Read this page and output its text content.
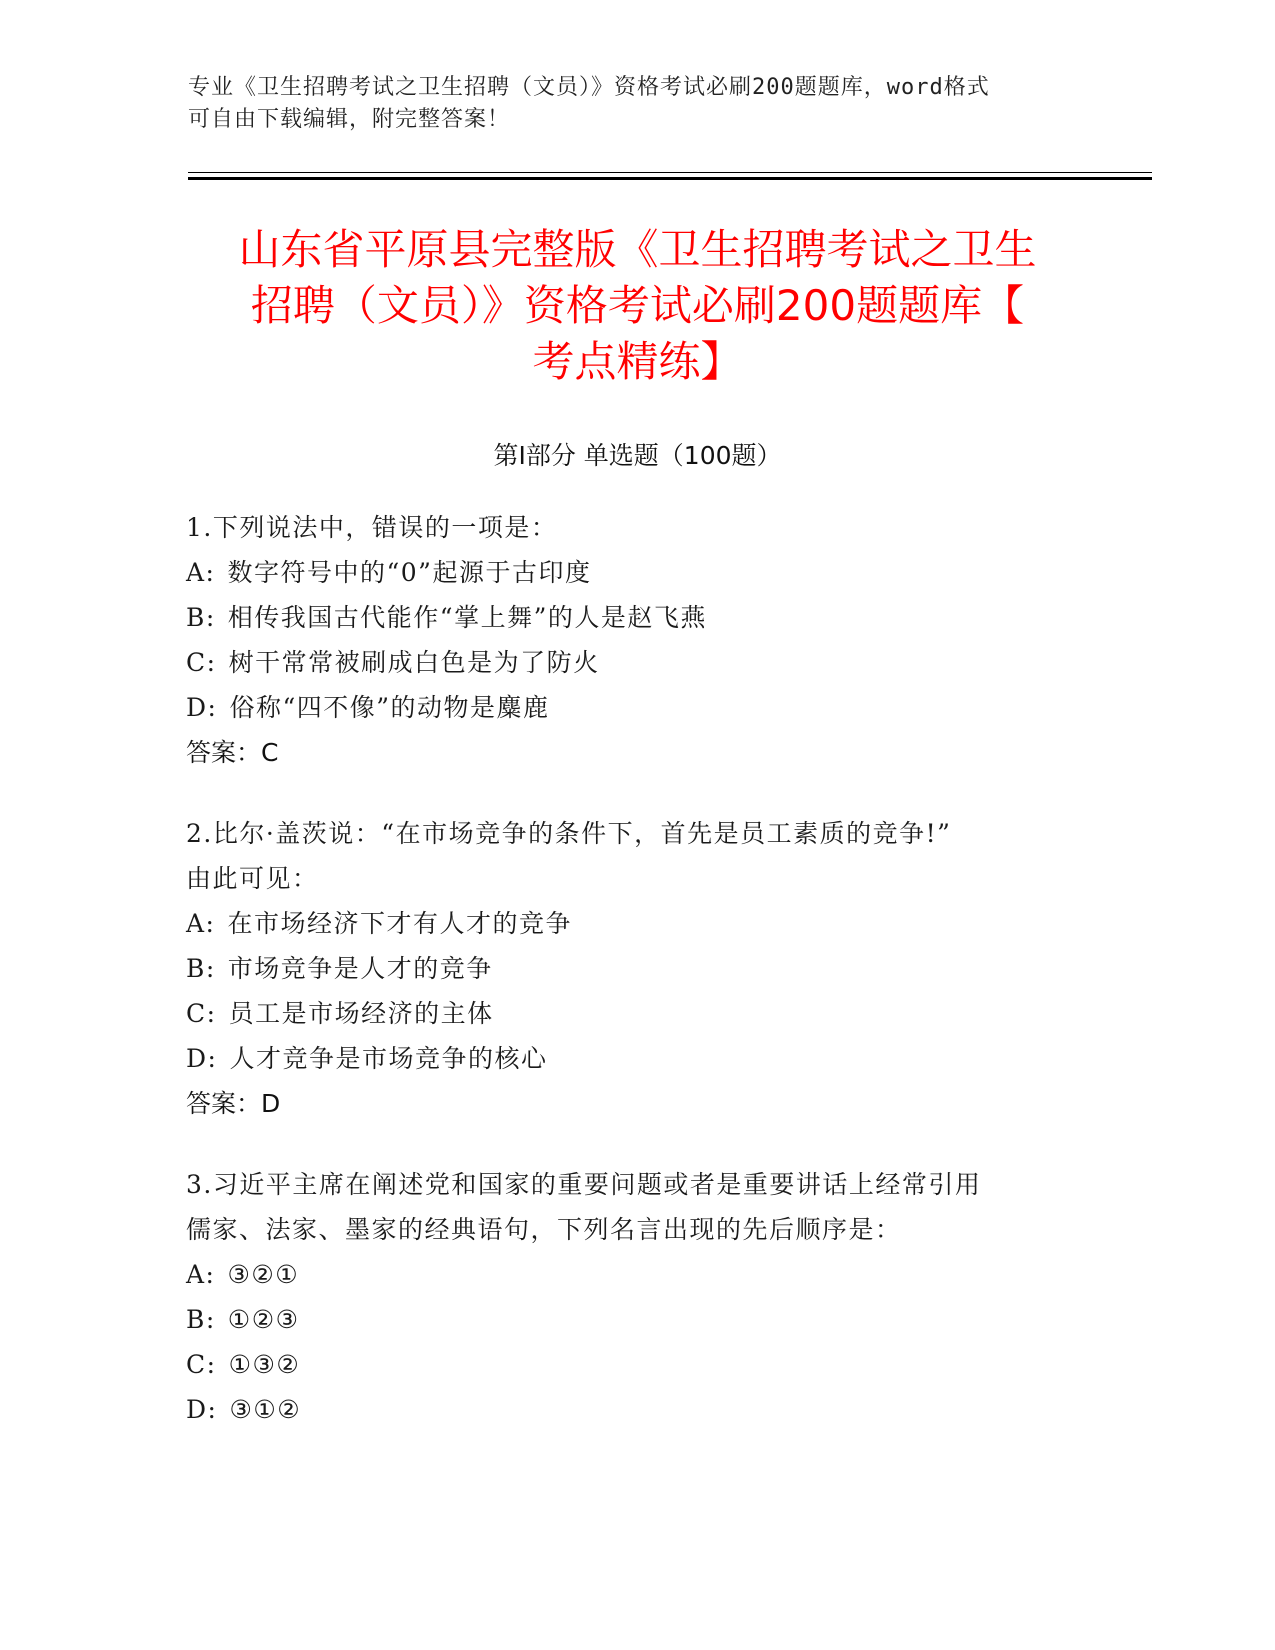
专业《卫生招聘考试之卫生招聘（文员）》资格考试必刷200题题库，word格式
可自由下载编辑，附完整答案！
山东省平原县完整版《卫生招聘考试之卫生
招聘（文员）》资格考试必刷200题题库【
考点精练】
第Ⅰ部分 单选题（100题）
1.下列说法中，错误的一项是：
A: 数字符号中的“0”起源于古印度
B: 相传我国古代能作“掌上舞”的人是赵飞燕
C: 树干常常被刷成白色是为了防火
D: 俗称“四不像”的动物是麋鹿
答案：C
2.比尔·盖茨说：“在市场竞争的条件下，首先是员工素质的竞争!”
由此可见：
A: 在市场经济下才有人才的竞争
B: 市场竞争是人才的竞争
C: 员工是市场经济的主体
D: 人才竞争是市场竞争的核心
答案：D
3.习近平主席在阐述党和国家的重要问题或者是重要讲话上经常引用
儒家、法家、墨家的经典语句，下列名言出现的先后顺序是：
A: ③②①
B: ①②③
C: ①③②
D: ③①②
